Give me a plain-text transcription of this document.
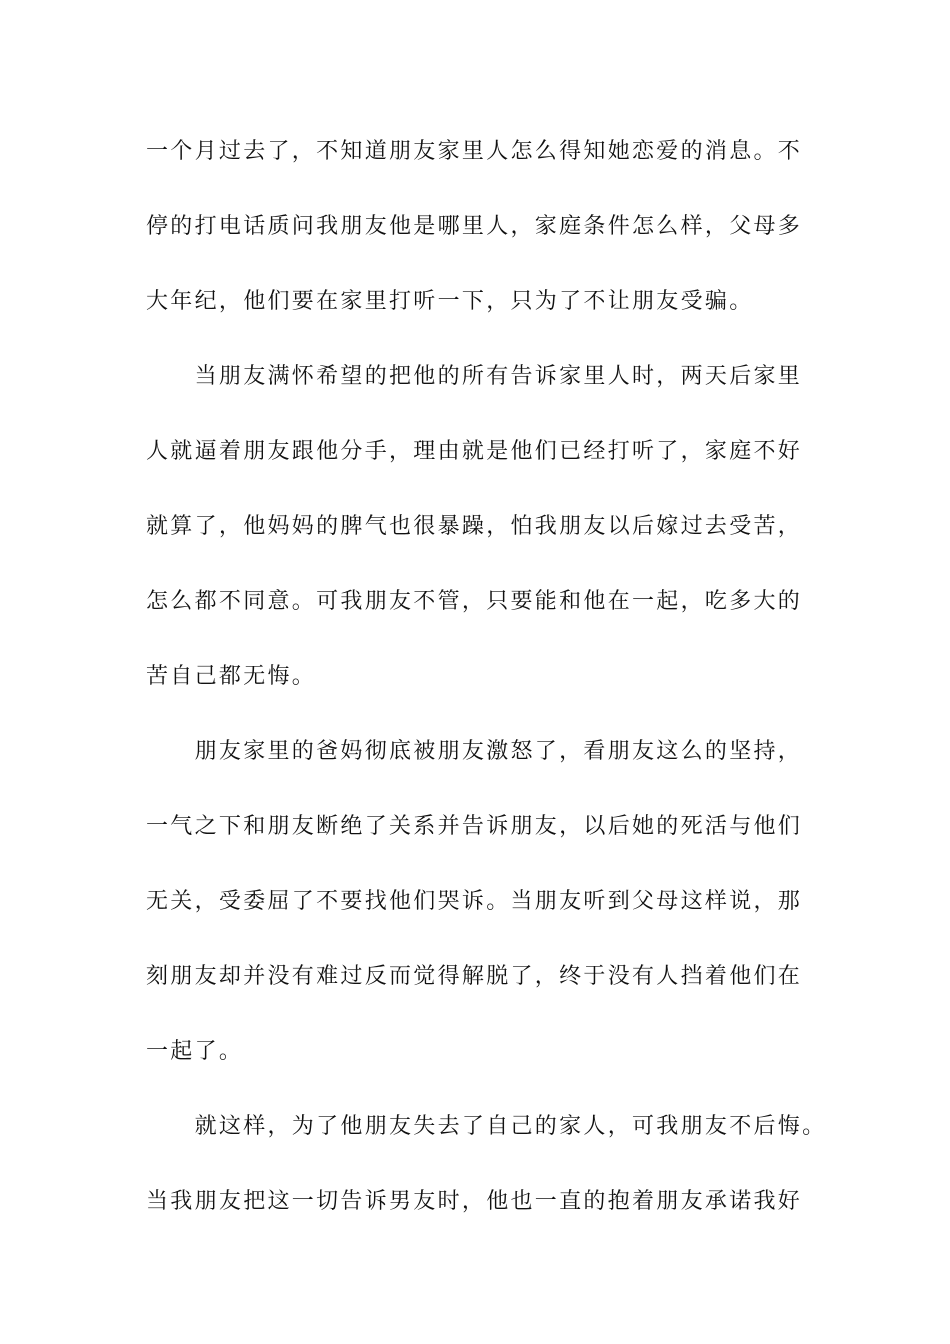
一个月过去了，不知道朋友家里人怎么得知她恋爱的消息。不
停的打电话质问我朋友他是哪里人，家庭条件怎么样，父母多
大年纪，他们要在家里打听一下，只为了不让朋友受骗。
　　当朋友满怀希望的把他的所有告诉家里人时，两天后家里
人就逼着朋友跟他分手，理由就是他们已经打听了，家庭不好
就算了，他妈妈的脾气也很暴躁，怕我朋友以后嫁过去受苦，
怎么都不同意。可我朋友不管，只要能和他在一起，吃多大的
苦自己都无悔。
　　朋友家里的爸妈彻底被朋友激怒了，看朋友这么的坚持，
一气之下和朋友断绝了关系并告诉朋友，以后她的死活与他们
无关，受委屈了不要找他们哭诉。当朋友听到父母这样说，那
刻朋友却并没有难过反而觉得解脱了，终于没有人挡着他们在
一起了。
　　就这样，为了他朋友失去了自己的家人，可我朋友不后悔。
当我朋友把这一切告诉男友时，他也一直的抱着朋友承诺我好
